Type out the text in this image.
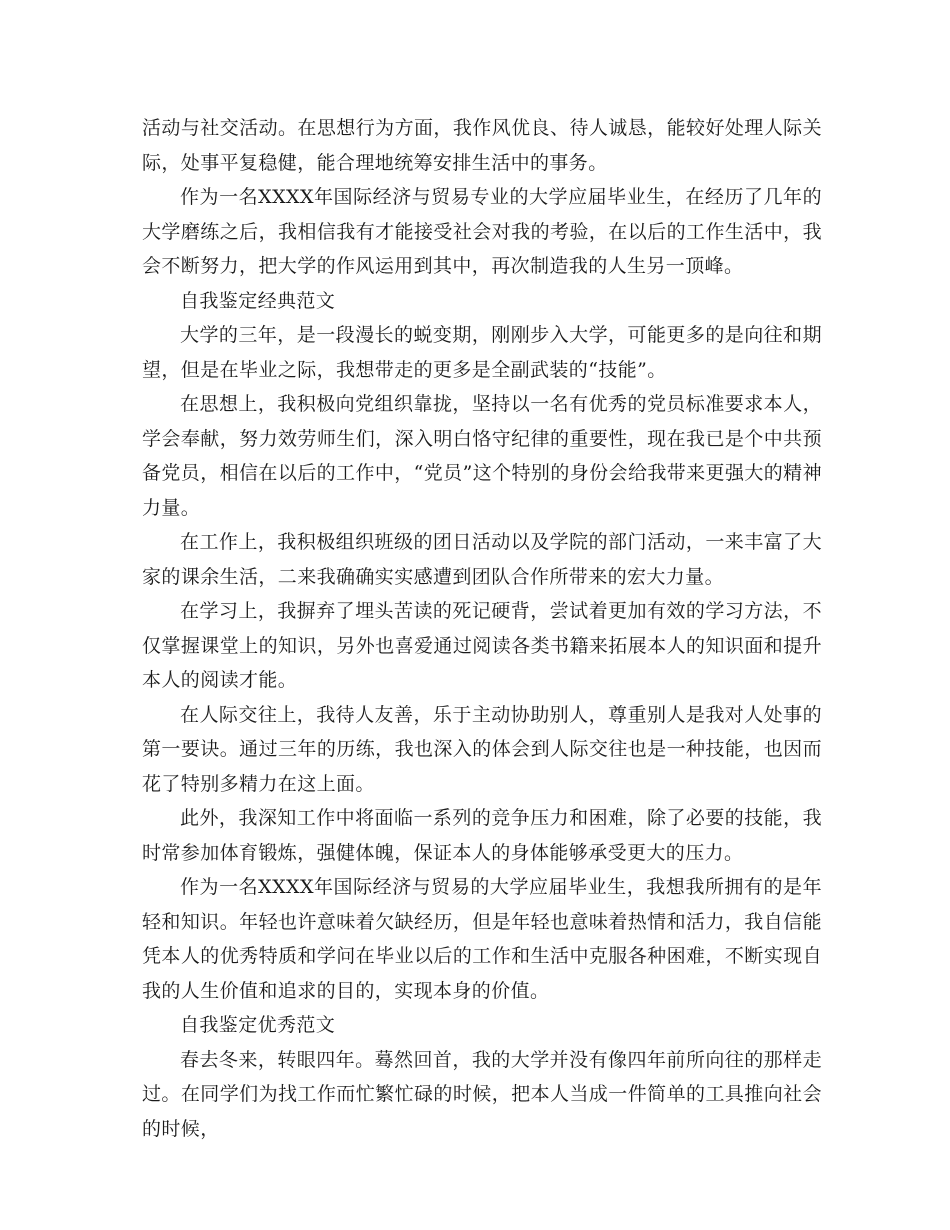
活动与社交活动。在思想行为方面，我作风优良、待人诚恳，能较好处理人际关际，处事平复稳健，能合理地统筹安排生活中的事务。

作为一名XXXX年国际经济与贸易专业的大学应届毕业生，在经历了几年的大学磨练之后，我相信我有才能接受社会对我的考验，在以后的工作生活中，我会不断努力，把大学的作风运用到其中，再次制造我的人生另一顶峰。

自我鉴定经典范文

大学的三年，是一段漫长的蜕变期，刚刚步入大学，可能更多的是向往和期望，但是在毕业之际，我想带走的更多是全副武装的“技能”。

在思想上，我积极向党组织靠拢，坚持以一名有优秀的党员标准要求本人，学会奉献，努力效劳师生们，深入明白恪守纪律的重要性，现在我已是个中共预备党员，相信在以后的工作中，“党员”这个特别的身份会给我带来更强大的精神力量。

在工作上，我积极组织班级的团日活动以及学院的部门活动，一来丰富了大家的课余生活，二来我确确实实感遭到团队合作所带来的宏大力量。

在学习上，我摒弃了埋头苦读的死记硬背，尝试着更加有效的学习方法，不仅掌握课堂上的知识，另外也喜爱通过阅读各类书籍来拓展本人的知识面和提升本人的阅读才能。

在人际交往上，我待人友善，乐于主动协助别人，尊重别人是我对人处事的第一要诀。通过三年的历练，我也深入的体会到人际交往也是一种技能，也因而花了特别多精力在这上面。

此外，我深知工作中将面临一系列的竞争压力和困难，除了必要的技能，我时常参加体育锻炼，强健体魄，保证本人的身体能够承受更大的压力。

作为一名XXXX年国际经济与贸易的大学应届毕业生，我想我所拥有的是年轻和知识。年轻也许意味着欠缺经历，但是年轻也意味着热情和活力，我自信能凭本人的优秀特质和学问在毕业以后的工作和生活中克服各种困难，不断实现自我的人生价值和追求的目的，实现本身的价值。

自我鉴定优秀范文

春去冬来，转眼四年。蓦然回首，我的大学并没有像四年前所向往的那样走过。在同学们为找工作而忙繁忙碌的时候，把本人当成一件简单的工具推向社会的时候，
